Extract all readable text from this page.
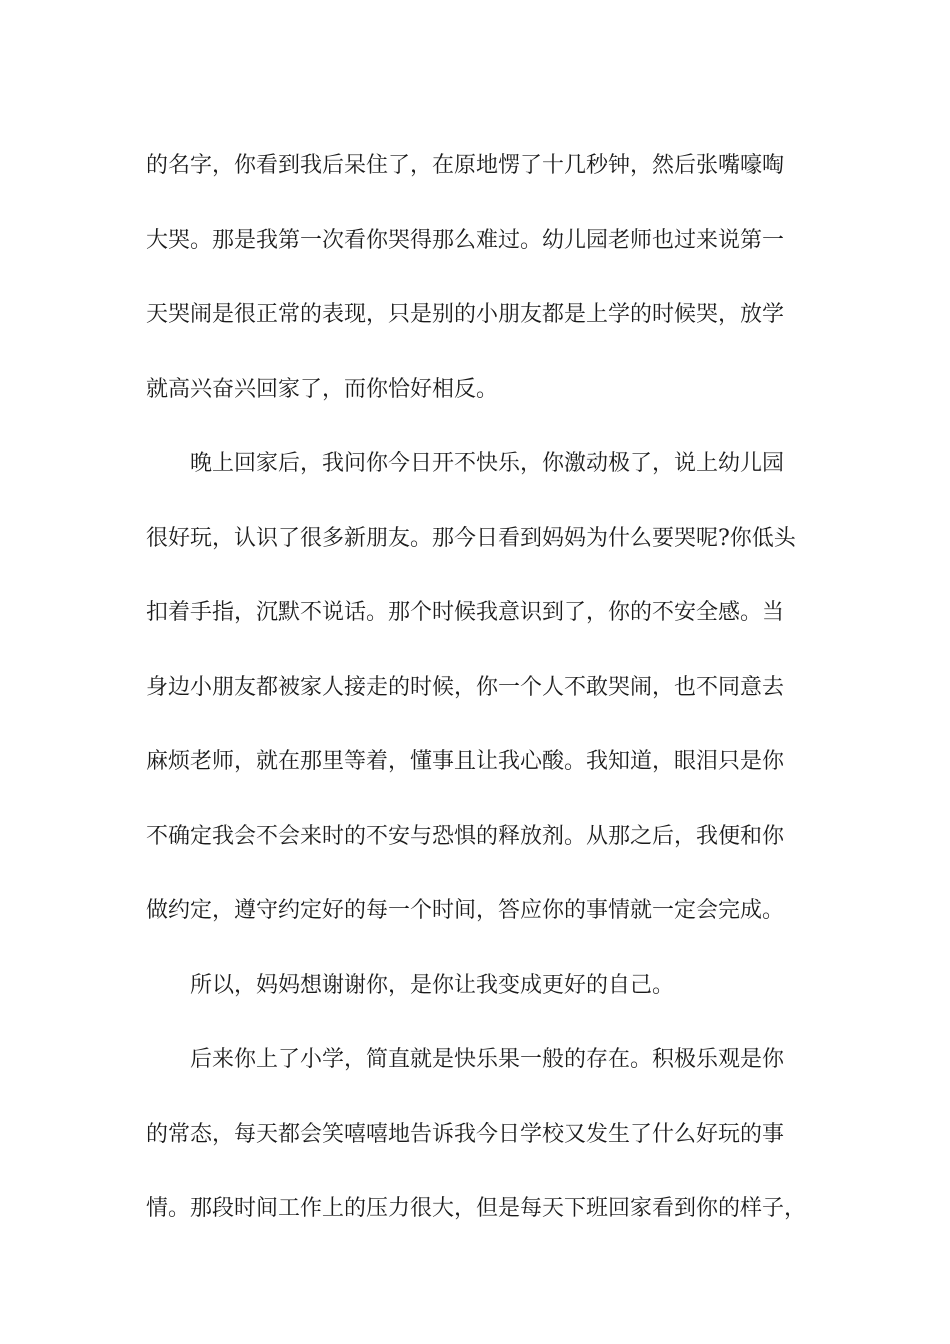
的名字，你看到我后呆住了，在原地愣了十几秒钟，然后张嘴嚎啕
大哭。那是我第一次看你哭得那么难过。幼儿园老师也过来说第一
天哭闹是很正常的表现，只是别的小朋友都是上学的时候哭，放学
就高兴奋兴回家了，而你恰好相反。
晚上回家后，我问你今日开不快乐，你激动极了，说上幼儿园
很好玩，认识了很多新朋友。那今日看到妈妈为什么要哭呢?你低头
扣着手指，沉默不说话。那个时候我意识到了，你的不安全感。当
身边小朋友都被家人接走的时候，你一个人不敢哭闹，也不同意去
麻烦老师，就在那里等着，懂事且让我心酸。我知道，眼泪只是你
不确定我会不会来时的不安与恐惧的释放剂。从那之后，我便和你
做约定，遵守约定好的每一个时间，答应你的事情就一定会完成。
所以，妈妈想谢谢你，是你让我变成更好的自己。
后来你上了小学，简直就是快乐果一般的存在。积极乐观是你
的常态，每天都会笑嘻嘻地告诉我今日学校又发生了什么好玩的事
情。那段时间工作上的压力很大，但是每天下班回家看到你的样子，
